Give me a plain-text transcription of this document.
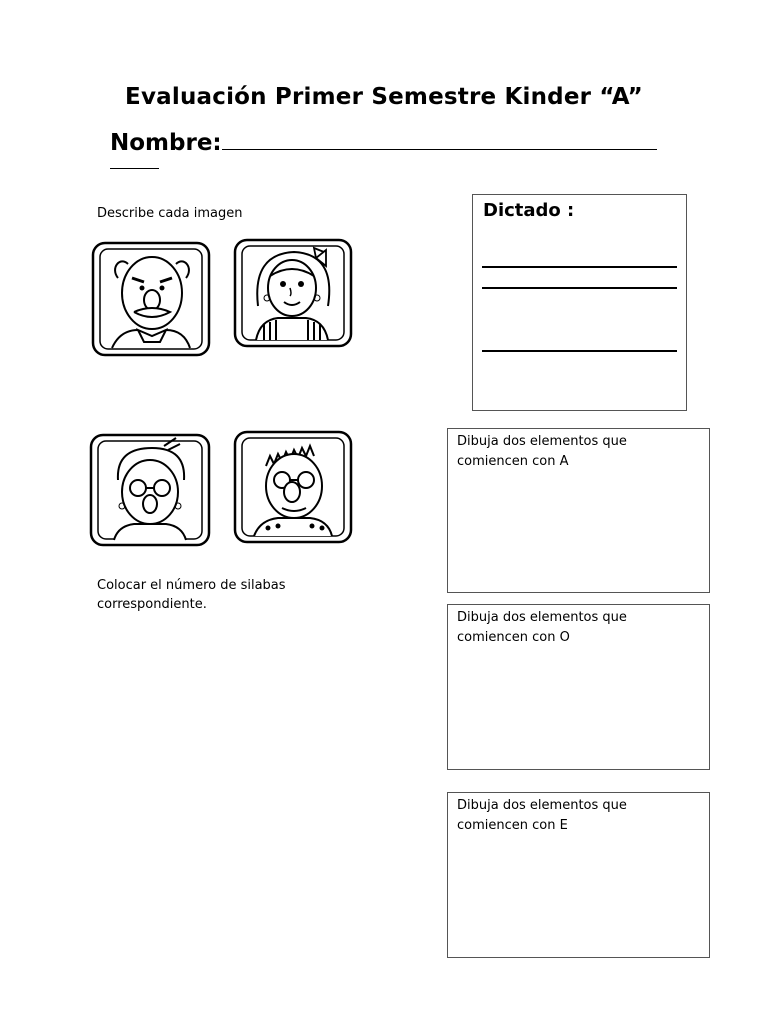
Evaluación Primer Semestre Kinder “A”
Nombre:
Describe cada imagen
Colocar el número de silabas
correspondiente.
Dictado :
Dibuja dos elementos que
comiencen con A
Dibuja dos elementos que
comiencen con O
Dibuja dos elementos que
comiencen con E
